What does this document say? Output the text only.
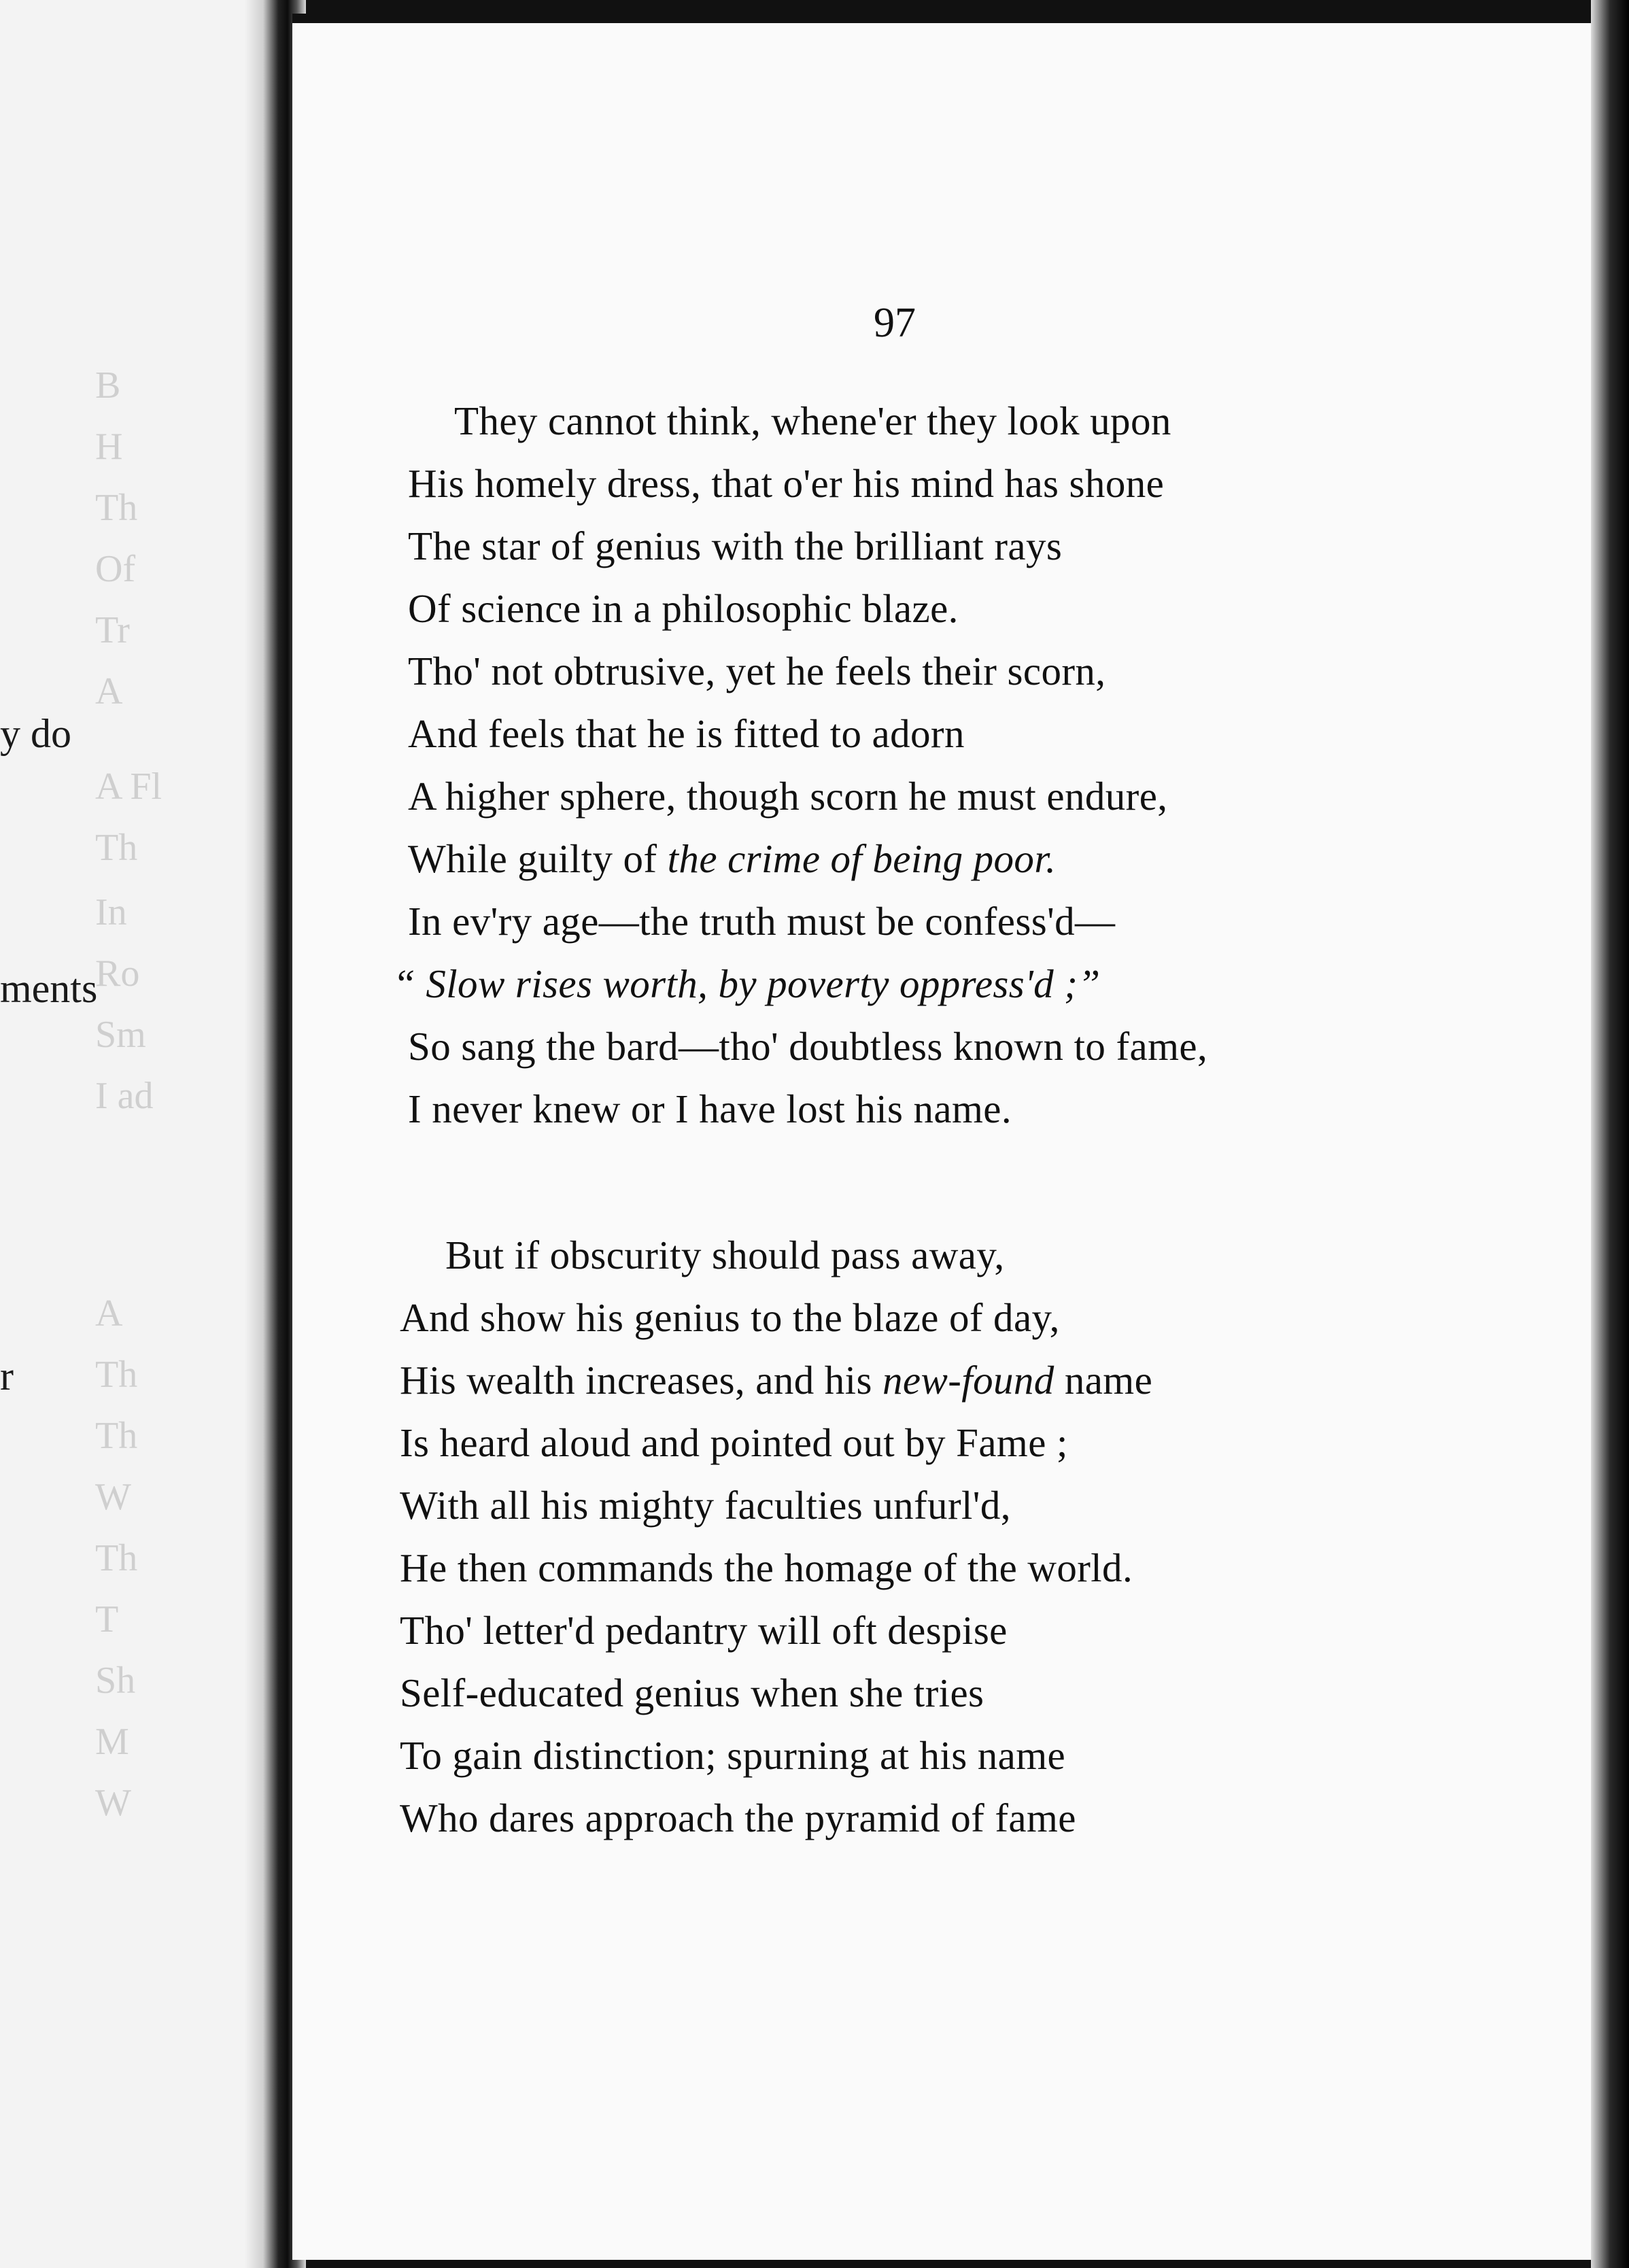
B
H
Th
Of
Tr
A
A Fl
Th
In
Ro
Sm
I ad
A
Th
Th
W
Th
T
Sh
M
W
y do
ments
r
97
They cannot think, whene'er they look upon
His homely dress, that o'er his mind has shone
The star of genius with the brilliant rays
Of science in a philosophic blaze.
Tho' not obtrusive, yet he feels their scorn,
And feels that he is fitted to adorn
A higher sphere, though scorn he must endure,
While guilty of the crime of being poor.
In ev'ry age—the truth must be confess'd—
“ Slow rises worth, by poverty oppress'd ;”
So sang the bard—tho' doubtless known to fame,
I never knew or I have lost his name.
But if obscurity should pass away,
And show his genius to the blaze of day,
His wealth increases, and his new-found name
Is heard aloud and pointed out by Fame ;
With all his mighty faculties unfurl'd,
He then commands the homage of the world.
Tho' letter'd pedantry will oft despise
Self-educated genius when she tries
To gain distinction; spurning at his name
Who dares approach the pyramid of fame
